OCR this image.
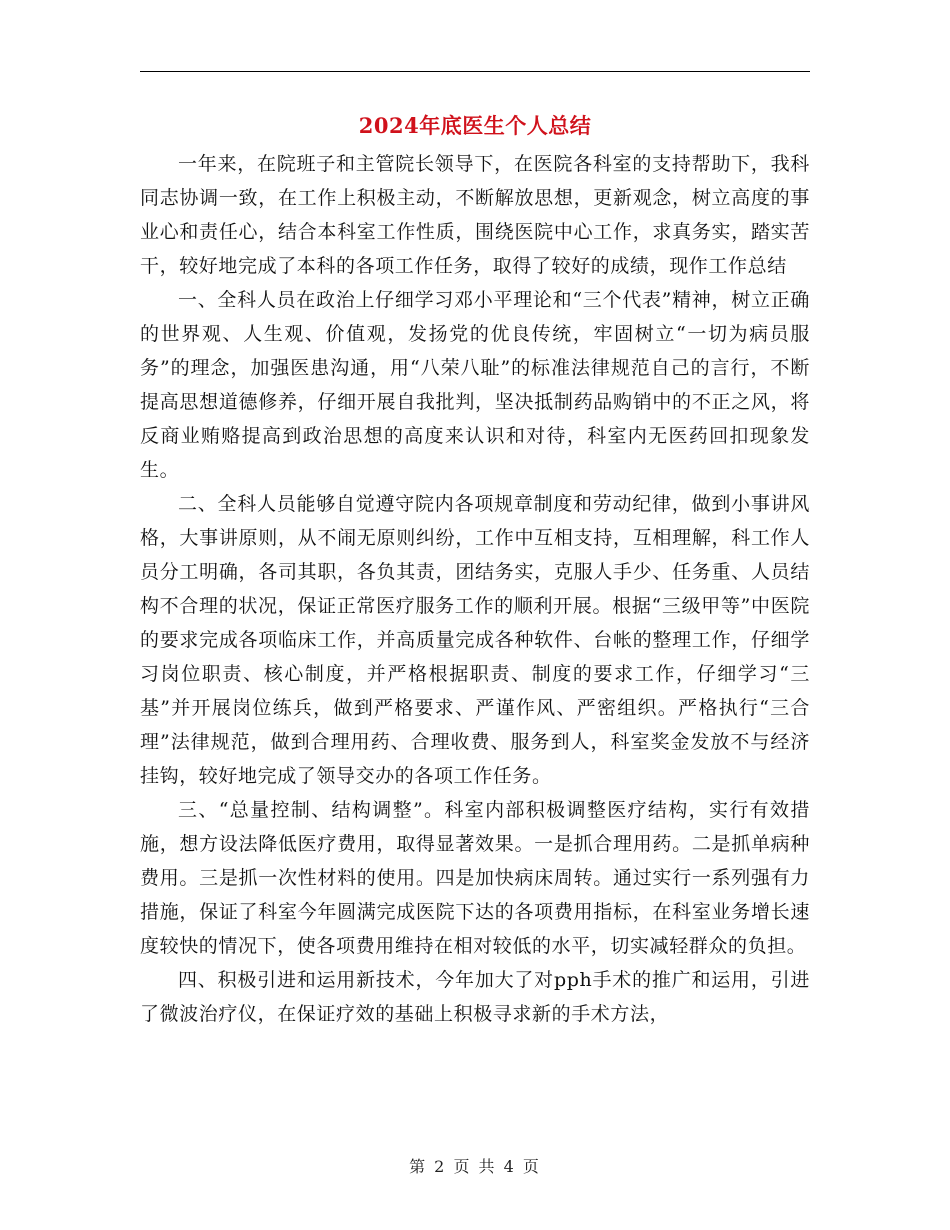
2024年底医生个人总结

一年来，在院班子和主管院长领导下，在医院各科室的支持帮助下，我科同志协调一致，在工作上积极主动，不断解放思想，更新观念，树立高度的事业心和责任心，结合本科室工作性质，围绕医院中心工作，求真务实，踏实苦干，较好地完成了本科的各项工作任务，取得了较好的成绩，现作工作总结

一、全科人员在政治上仔细学习邓小平理论和“三个代表”精神，树立正确的世界观、人生观、价值观，发扬党的优良传统，牢固树立“一切为病员服务”的理念，加强医患沟通，用“八荣八耻”的标准法律规范自己的言行，不断提高思想道德修养，仔细开展自我批判，坚决抵制药品购销中的不正之风，将反商业贿赂提高到政治思想的高度来认识和对待，科室内无医药回扣现象发生。

二、全科人员能够自觉遵守院内各项规章制度和劳动纪律，做到小事讲风格，大事讲原则，从不闹无原则纠纷，工作中互相支持，互相理解，科工作人员分工明确，各司其职，各负其责，团结务实，克服人手少、任务重、人员结构不合理的状况，保证正常医疗服务工作的顺利开展。根据“三级甲等”中医院的要求完成各项临床工作，并高质量完成各种软件、台帐的整理工作，仔细学习岗位职责、核心制度，并严格根据职责、制度的要求工作，仔细学习“三基”并开展岗位练兵，做到严格要求、严谨作风、严密组织。严格执行“三合理”法律规范，做到合理用药、合理收费、服务到人，科室奖金发放不与经济挂钩，较好地完成了领导交办的各项工作任务。

三、“总量控制、结构调整”。科室内部积极调整医疗结构，实行有效措施，想方设法降低医疗费用，取得显著效果。一是抓合理用药。二是抓单病种费用。三是抓一次性材料的使用。四是加快病床周转。通过实行一系列强有力措施，保证了科室今年圆满完成医院下达的各项费用指标，在科室业务增长速度较快的情况下，使各项费用维持在相对较低的水平，切实减轻群众的负担。

四、积极引进和运用新技术，今年加大了对pph手术的推广和运用，引进了微波治疗仪，在保证疗效的基础上积极寻求新的手术方法，

第 2 页 共 4 页
